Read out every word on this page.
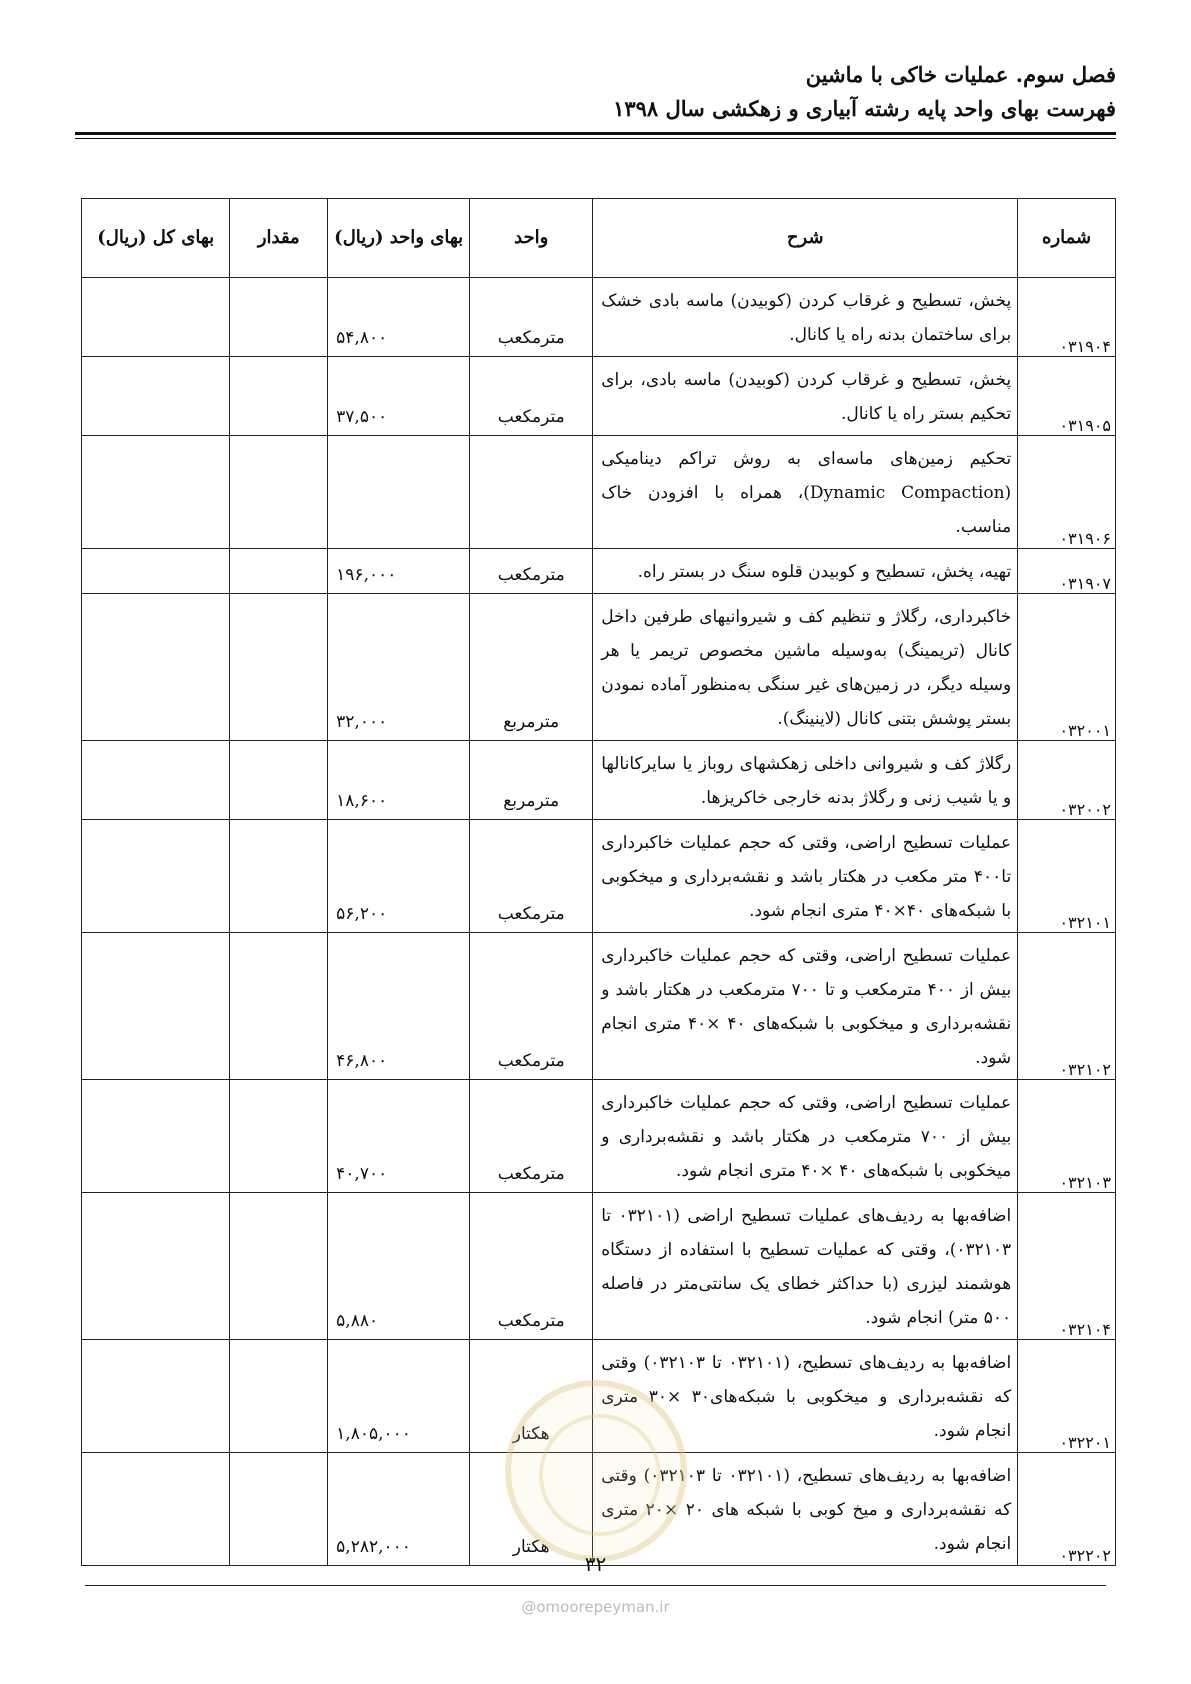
فصل سوم. عملیات خاکی با ماشین
فهرست بهای واحد پایه رشته آبیاری و زهکشی سال ۱۳۹۸
شماره	شرح	واحد	بهای واحد (ریال)	مقدار	بهای کل (ریال)
۰۳۱۹۰۴	پخش، تسطیح و غرقاب کردن (کوبیدن) ماسه بادی خشک برای ساختمان بدنه راه یا کانال.	مترمکعب	۵۴,۸۰۰		
۰۳۱۹۰۵	پخش، تسطیح و غرقاب کردن (کوبیدن) ماسه بادی، برای تحکیم بستر راه یا کانال.	مترمکعب	۳۷,۵۰۰		
۰۳۱۹۰۶	تحکیم زمین‌های ماسه‌ای به روش تراکم دینامیکی (Dynamic Compaction)، همراه با افزودن خاک مناسب.				
۰۳۱۹۰۷	تهیه، پخش، تسطیح و کوبیدن قلوه سنگ در بستر راه.	مترمکعب	۱۹۶,۰۰۰		
۰۳۲۰۰۱	خاکبرداری، رگلاژ و تنظیم کف و شیروانیهای طرفین داخل کانال (تریمینگ) به‌وسیله ماشین مخصوص تریمر یا هر وسیله دیگر، در زمین‌های غیر سنگی به‌منظور آماده نمودن بستر پوشش بتنی کانال (لاینینگ).	مترمربع	۳۲,۰۰۰		
۰۳۲۰۰۲	رگلاژ کف و شیروانی داخلی زهکشهای روباز یا سایرکانالها و یا شیب زنی و رگلاژ بدنه خارجی خاکریزها.	مترمربع	۱۸,۶۰۰		
۰۳۲۱۰۱	عملیات تسطیح اراضی، وقتی که حجم عملیات خاکبرداری تا۴۰۰ متر مکعب در هکتار باشد و نقشه‌برداری و میخکوبی با شبکه‌های ۴۰×۴۰ متری انجام شود.	مترمکعب	۵۶,۲۰۰		
۰۳۲۱۰۲	عملیات تسطیح اراضی، وقتی که حجم عملیات خاکبرداری بیش از ۴۰۰ مترمکعب و تا ۷۰۰ مترمکعب در هکتار باشد و نقشه‌برداری و میخکوبی با شبکه‌های ۴۰ ×۴۰ متری انجام شود.	مترمکعب	۴۶,۸۰۰		
۰۳۲۱۰۳	عملیات تسطیح اراضی، وقتی که حجم عملیات خاکبرداری بیش از ۷۰۰ مترمکعب در هکتار باشد و نقشه‌برداری و میخکوبی با شبکه‌های ۴۰ ×۴۰ متری انجام شود.	مترمکعب	۴۰,۷۰۰		
۰۳۲۱۰۴	اضافه‌بها به ردیف‌های عملیات تسطیح اراضی (۰۳۲۱۰۱ تا ۰۳۲۱۰۳)، وقتی که عملیات تسطیح با استفاده از دستگاه هوشمند لیزری (با حداکثر خطای یک سانتی‌متر در فاصله ۵۰۰ متر) انجام شود.	مترمکعب	۵,۸۸۰		
۰۳۲۲۰۱	اضافه‌بها به ردیف‌های تسطیح، (۰۳۲۱۰۱ تا ۰۳۲۱۰۳) وقتی که نقشه‌برداری و میخکوبی با شبکه‌های۳۰ ×۳۰ متری انجام شود.	هکتار	۱,۸۰۵,۰۰۰		
۰۳۲۲۰۲	اضافه‌بها به ردیف‌های تسطیح، (۰۳۲۱۰۱ تا ۰۳۲۱۰۳) وقتی که نقشه‌برداری و میخ کوبی با شبکه های ۲۰ ×۲۰ متری انجام شود.	هکتار	۵,۲۸۲,۰۰۰		
۳۲
@omoorepeyman.ir
